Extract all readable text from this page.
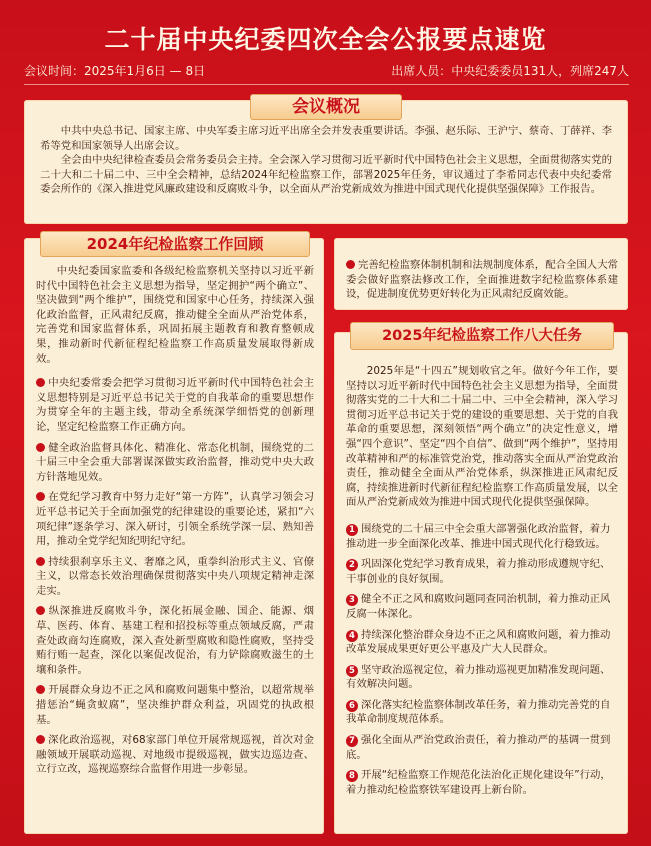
二十届中央纪委四次全会公报要点速览
会议时间：2025年1月6日 — 8日	出席人员：中央纪委委员131人，列席247人
中共中央总书记、国家主席、中央军委主席习近平出席全会并发表重要讲话。李强、赵乐际、王沪宁、蔡奇、丁薛祥、李希等党和国家领导人出席会议。
全会由中央纪律检查委员会常务委员会主持。全会深入学习贯彻习近平新时代中国特色社会主义思想，全面贯彻落实党的二十大和二十届二中、三中全会精神，总结2024年纪检监察工作，部署2025年任务，审议通过了李希同志代表中央纪委常委会所作的《深入推进党风廉政建设和反腐败斗争，以全面从严治党新成效为推进中国式现代化提供坚强保障》工作报告。
会议概况
中央纪委国家监委和各级纪检监察机关坚持以习近平新时代中国特色社会主义思想为指导，坚定拥护“两个确立”、坚决做到“两个维护”，围绕党和国家中心任务，持续深入强化政治监督，正风肃纪反腐，推动健全全面从严治党体系，完善党和国家监督体系，巩固拓展主题教育和教育整顿成果，推动新时代新征程纪检监察工作高质量发展取得新成效。
中央纪委常委会把学习贯彻习近平新时代中国特色社会主义思想特别是习近平总书记关于党的自我革命的重要思想作为贯穿全年的主题主线，带动全系统深学细悟党的创新理论，坚定纪检监察工作正确方向。
健全政治监督具体化、精准化、常态化机制，围绕党的二十届三中全会重大部署谋深做实政治监督，推动党中央大政方针落地见效。
在党纪学习教育中努力走好“第一方阵”，认真学习领会习近平总书记关于全面加强党的纪律建设的重要论述，紧扣“六项纪律”逐条学习、深入研讨，引领全系统学深一层、熟知善用，推动全党学纪知纪明纪守纪。
持续狠刹享乐主义、奢靡之风，重拳纠治形式主义、官僚主义，以常态长效治理确保贯彻落实中央八项规定精神走深走实。
纵深推进反腐败斗争，深化拓展金融、国企、能源、烟草、医药、体育、基建工程和招投标等重点领域反腐，严肃查处政商勾连腐败，深入查处新型腐败和隐性腐败，坚持受贿行贿一起查，深化以案促改促治，有力铲除腐败滋生的土壤和条件。
开展群众身边不正之风和腐败问题集中整治，以超常规举措惩治“蝇贪蚁腐”，坚决维护群众利益，巩固党的执政根基。
深化政治巡视，对68家部门单位开展常规巡视，首次对金融领域开展联动巡视、对地级市提级巡视，做实边巡边查、立行立改，巡视巡察综合监督作用进一步彰显。
2024年纪检监察工作回顾
完善纪检监察体制机制和法规制度体系，配合全国人大常委会做好监察法修改工作，全面推进数字纪检监察体系建设，促进制度优势更好转化为正风肃纪反腐效能。
2025年是“十四五”规划收官之年。做好今年工作，要坚持以习近平新时代中国特色社会主义思想为指导，全面贯彻落实党的二十大和二十届二中、三中全会精神，深入学习贯彻习近平总书记关于党的建设的重要思想、关于党的自我革命的重要思想，深刻领悟“两个确立”的决定性意义，增强“四个意识”、坚定“四个自信”、做到“两个维护”，坚持用改革精神和严的标准管党治党，推动落实全面从严治党政治责任，推动健全全面从严治党体系，纵深推进正风肃纪反腐，持续推进新时代新征程纪检监察工作高质量发展，以全面从严治党新成效为推进中国式现代化提供坚强保障。
1 围绕党的二十届三中全会重大部署强化政治监督，着力推动进一步全面深化改革、推进中国式现代化行稳致远。
2 巩固深化党纪学习教育成果，着力推动形成遵规守纪、干事创业的良好氛围。
3 健全不正之风和腐败问题同查同治机制，着力推动正风反腐一体深化。
4 持续深化整治群众身边不正之风和腐败问题，着力推动改革发展成果更好更公平惠及广大人民群众。
5 坚守政治巡视定位，着力推动巡视更加精准发现问题、有效解决问题。
6 深化落实纪检监察体制改革任务，着力推动完善党的自我革命制度规范体系。
7 强化全面从严治党政治责任，着力推动严的基调一贯到底。
8 开展“纪检监察工作规范化法治化正规化建设年”行动，着力推动纪检监察铁军建设再上新台阶。
2025年纪检监察工作八大任务
